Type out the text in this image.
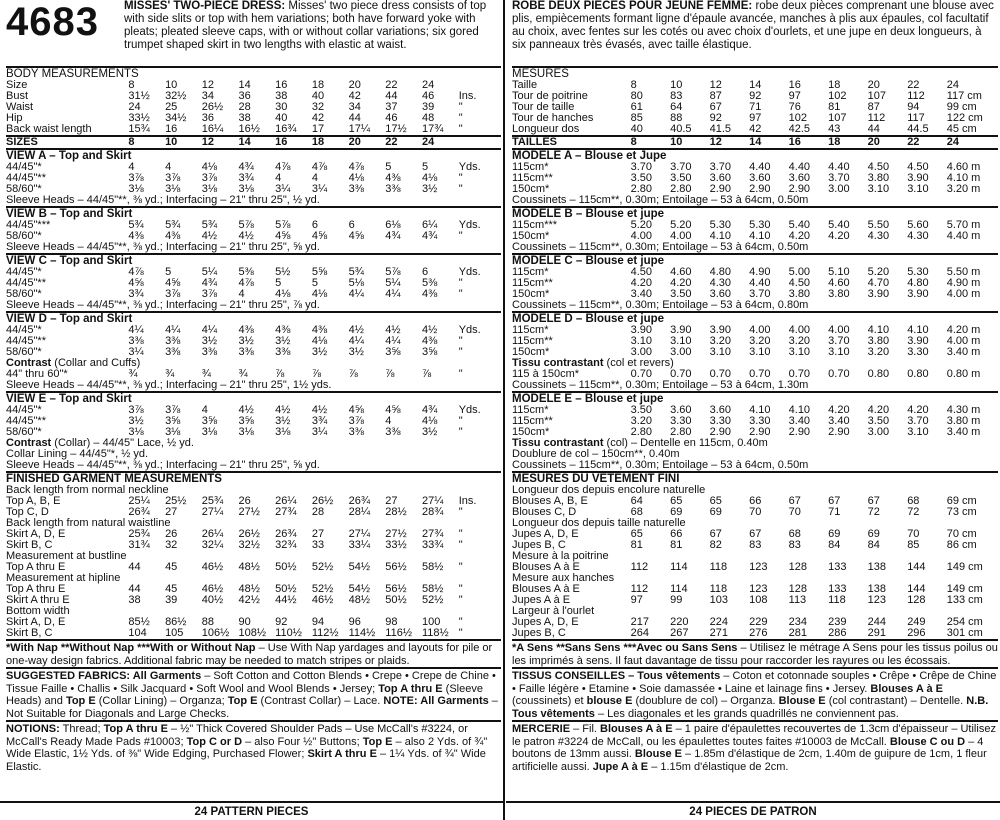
4683 MISSES' TWO-PIECE DRESS: Misses' two piece dress consists of top with side slits or top with hem variations; both have forward yoke with pleats; pleated sleeve caps, with or without collar variations; six gored trumpet shaped skirt in two lengths with elastic at waist.
BODY MEASUREMENTS
Size	8	10	12	14	16	18	20	22	24	
Bust	31½	32½	34	36	38	40	42	44	46	Ins.
Waist	24	25	26½	28	30	32	34	37	39	"
Hip	33½	34½	36	38	40	42	44	46	48	"
Back waist length	15¾	16	16¼	16½	16¾	17	17¼	17½	17¾	"
SIZES	8	10	12	14	16	18	20	22	24	
VIEW A – Top and Skirt
44/45"*	4	4	4⅛	4¾	4⅞	4⅞	4⅞	5	5	Yds.
44/45"**	3⅞	3⅞	3⅞	3¾	4	4	4⅛	4⅜	4⅛	"
58/60"*	3⅛	3⅛	3⅛	3⅛	3¼	3¼	3⅜	3⅜	3½	"
Sleeve Heads – 44/45"**, ⅜ yd.; Interfacing – 21" thru 25", ½ yd.
VIEW B – Top and Skirt
44/45"***	5¾	5¾	5¾	5⅞	5⅞	6	6	6⅛	6¼	Yds.
58/60"*	4⅜	4⅜	4½	4½	4⅝	4⅝	4⅝	4¾	4¾	"
Sleeve Heads – 44/45"**, ⅜ yd.; Interfacing – 21" thru 25", ⅝ yd.
VIEW C – Top and Skirt
44/45"*	4⅞	5	5¼	5⅜	5½	5⅝	5¾	5⅞	6	Yds.
44/45"**	4⅝	4⅝	4¾	4⅞	5	5	5⅛	5¼	5⅜	"
58/60"*	3¾	3⅞	3⅞	4	4⅛	4⅛	4¼	4¼	4⅜	"
Sleeve Heads – 44/45"**, ⅜ yd.; Interfacing – 21" thru 25", ⅞ yd.
VIEW D – Top and Skirt
44/45"*	4¼	4¼	4¼	4⅜	4⅜	4⅜	4½	4½	4½	Yds.
44/45"**	3⅜	3⅜	3½	3½	3½	4⅛	4¼	4¼	4⅜	"
58/60"*	3¼	3⅜	3⅜	3⅜	3⅜	3½	3½	3⅝	3⅝	"
Contrast (Collar and Cuffs)
44" thru 60"*	¾	¾	¾	¾	⅞	⅞	⅞	⅞	⅞	"
Sleeve Heads – 44/45"**, ⅜ yd.; Interfacing – 21" thru 25", 1½ yds.
VIEW E – Top and Skirt
44/45"*	3⅞	3⅞	4	4½	4½	4½	4⅝	4⅝	4¾	Yds.
44/45"**	3½	3⅝	3⅝	3⅝	3½	3¾	3⅞	4	4⅛	"
58/60"*	3⅛	3⅛	3⅛	3⅛	3⅛	3¼	3⅜	3⅜	3½	"
Contrast (Collar) – 44/45" Lace, ½ yd.
Collar Lining – 44/45"*, ½ yd.
Sleeve Heads – 44/45"**, ⅜ yd.; Interfacing – 21" thru 25", ⅝ yd.
FINISHED GARMENT MEASUREMENTS
Back length from normal neckline
Top A, B, E	25¼	25½	25¾	26	26¼	26½	26¾	27	27¼	Ins.
Top C, D	26¾	27	27¼	27½	27¾	28	28¼	28½	28¾	"
Back length from natural waistline
Skirt A, D, E	25¾	26	26¼	26½	26¾	27	27¼	27½	27¾	"
Skirt B, C	31¾	32	32¼	32½	32¾	33	33¼	33½	33¾	"
Measurement at bustline
Top A thru E	44	45	46½	48½	50½	52½	54½	56½	58½	"
Measurement at hipline
Top A thru E	44	45	46½	48½	50½	52½	54½	56½	58½	"
Skirt A thru E	38	39	40½	42½	44½	46½	48½	50½	52½	"
Bottom width
Skirt A, D, E	85½	86½	88	90	92	94	96	98	100	"
Skirt B, C	104	105	106½	108½	110½	112½	114½	116½	118½	"
*With Nap **Without Nap ***With or Without Nap – Use With Nap yardages and layouts for pile or one-way design fabrics. Additional fabric may be needed to match stripes or plaids.
SUGGESTED FABRICS: All Garments – Soft Cotton and Cotton Blends • Crepe • Crepe de Chine • Tissue Faille • Challis • Silk Jacquard • Soft Wool and Wool Blends • Jersey; Top A thru E (Sleeve Heads) and Top E (Collar Lining) – Organza; Top E (Contrast Collar) – Lace. NOTE: All Garments – Not Suitable for Diagonals and Large Checks.
NOTIONS: Thread; Top A thru E – ½" Thick Covered Shoulder Pads – Use McCall's #3224, or McCall's Ready Made Pads #10003; Top C or D – also Four ½" Buttons; Top E – also 2 Yds. of ¾" Wide Elastic, 1½ Yds. of ⅜" Wide Edging, Purchased Flower; Skirt A thru E – 1¼ Yds. of ¾" Wide Elastic.
24 PATTERN PIECES
ROBE DEUX PIECES POUR JEUNE FEMME: robe deux pièces comprenant une blouse avec plis, empiècements formant ligne d'épaule avancée, manches à plis aux épaules, col facultatif au choix, avec fentes sur les cotés ou avec choix d'ourlets, et une jupe en deux longueurs, à six panneaux très évasés, avec taille élastique.
MESURES
Taille	8	10	12	14	16	18	20	22	24	
Tour de poitrine	80	83	87	92	97	102	107	112	117 cm	
Tour de taille	61	64	67	71	76	81	87	94	99 cm	
Tour de hanches	85	88	92	97	102	107	112	117	122 cm	
Longueur dos	40	40.5	41.5	42	42.5	43	44	44.5	45 cm	
TAILLES	8	10	12	14	16	18	20	22	24	
MODELE A – Blouse et Jupe
115cm*	3.70	3.70	3.70	4.40	4.40	4.40	4.50	4.50	4.60 m	
115cm**	3.50	3.50	3.60	3.60	3.60	3.70	3.80	3.90	4.10 m	
150cm*	2.80	2.80	2.90	2.90	2.90	3.00	3.10	3.10	3.20 m	
Coussinets – 115cm**, 0.30m; Entoilage – 53 à 64cm, 0.50m
MODELE B – Blouse et jupe
115cm***	5.20	5.20	5.30	5.30	5.40	5.40	5.50	5.60	5.70 m	
150cm*	4.00	4.00	4.10	4.10	4.20	4.20	4.30	4.30	4.40 m	
Coussinets – 115cm**, 0.30m; Entoilage – 53 à 64cm, 0.50m
MODELE C – Blouse et jupe
115cm*	4.50	4.60	4.80	4.90	5.00	5.10	5.20	5.30	5.50 m	
115cm**	4.20	4.20	4.30	4.40	4.50	4.60	4.70	4.80	4.90 m	
150cm*	3.40	3.50	3.60	3.70	3.80	3.80	3.90	3.90	4.00 m	
Coussinets – 115cm**, 0.30m; Entoilage – 53 à 64cm, 0.80m
MODELE D – Blouse et jupe
115cm*	3.90	3.90	3.90	4.00	4.00	4.00	4.10	4.10	4.20 m	
115cm**	3.10	3.10	3.20	3.20	3.20	3.70	3.80	3.90	4.00 m	
150cm*	3.00	3.00	3.10	3.10	3.10	3.10	3.20	3.30	3.40 m	
Tissu contrastant (col et revers)
115 à 150cm*	0.70	0.70	0.70	0.70	0.70	0.70	0.80	0.80	0.80 m	
Coussinets – 115cm**, 0.30m; Entoilage – 53 à 64cm, 1.30m
MODELE E – Blouse et jupe
115cm*	3.50	3.60	3.60	4.10	4.10	4.20	4.20	4.20	4.30 m	
115cm**	3.20	3.30	3.30	3.30	3.40	3.40	3.50	3.70	3.80 m	
150cm*	2.80	2.80	2.90	2.90	2.90	2.90	3.00	3.10	3.40 m	
Tissu contrastant (col) – Dentelle en 115cm, 0.40m
Doublure de col – 150cm**, 0.40m
Coussinets – 115cm**, 0.30m; Entoilage – 53 à 64cm, 0.50m
MESURES DU VETEMENT FINI
Longueur dos depuis encolure naturelle
Blouses A, B, E	64	65	65	66	67	67	67	68	69 cm	
Blouses C, D	68	69	69	70	70	71	72	72	73 cm	
Longueur dos depuis taille naturelle
Jupes A, D, E	65	66	67	67	68	69	69	70	70 cm	
Jupes B, C	81	81	82	83	83	84	84	85	86 cm	
Mesure à la poitrine
Blouses A à E	112	114	118	123	128	133	138	144	149 cm	
Mesure aux hanches
Blouses A à E	112	114	118	123	128	133	138	144	149 cm	
Jupes A à E	97	99	103	108	113	118	123	128	133 cm	
Largeur à l'ourlet
Jupes A, D, E	217	220	224	229	234	239	244	249	254 cm	
Jupes B, C	264	267	271	276	281	286	291	296	301 cm	
*A Sens **Sans Sens ***Avec ou Sans Sens – Utilisez le métrage A Sens pour les tissus poilus ou les imprimés à sens. Il faut davantage de tissu pour raccorder les rayures ou les écossais.
TISSUS CONSEILLES – Tous vêtements – Coton et cotonnade souples • Crêpe • Crêpe de Chine • Faille légère • Etamine • Soie damassée • Laine et lainage fins • Jersey. Blouses A à E (coussinets) et blouse E (doublure de col) – Organza. Blouse E (col contrastant) – Dentelle. N.B. Tous vêtements – Les diagonales et les grands quadrillés ne conviennent pas.
MERCERIE – Fil. Blouses A à E – 1 paire d'épaulettes recouvertes de 1.3cm d'épaisseur – Utilisez le patron #3224 de McCall, ou les épaulettes toutes faites #10003 de McCall. Blouse C ou D – 4 boutons de 13mm aussi. Blouse E – 1.85m d'élastique de 2cm, 1.40m de guipure de 1cm, 1 fleur artificielle aussi. Jupe A à E – 1.15m d'élastique de 2cm.
24 PIECES DE PATRON
